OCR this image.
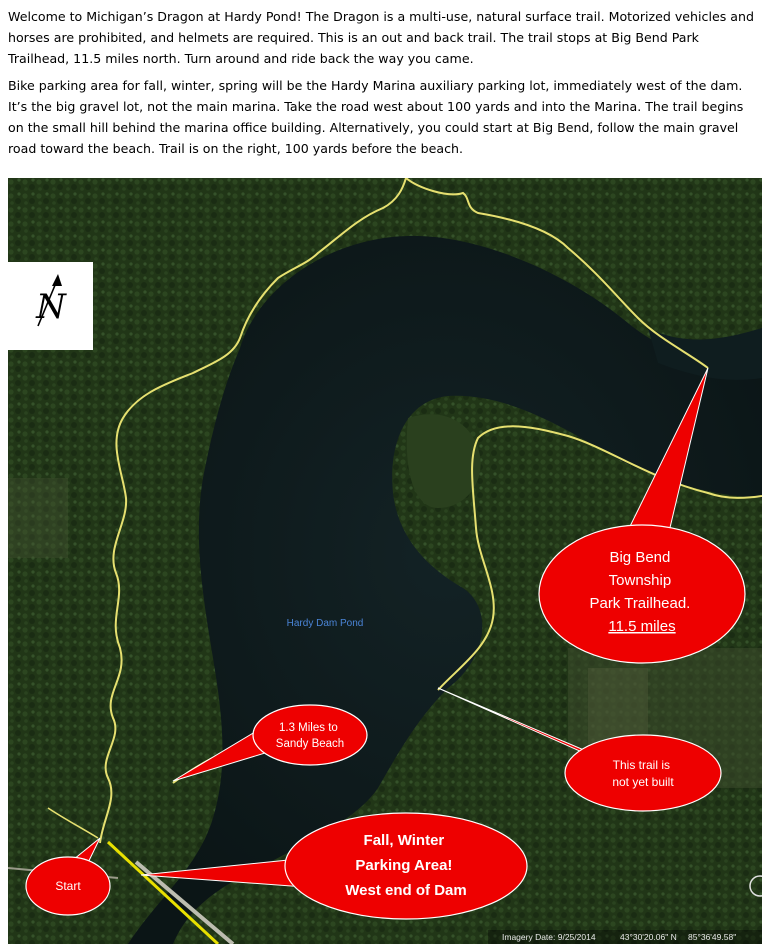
Welcome to Michigan’s Dragon at Hardy Pond! The Dragon is a multi-use, natural surface trail. Motorized vehicles and horses are prohibited, and helmets are required. This is an out and back trail. The trail stops at Big Bend Park Trailhead, 11.5 miles north. Turn around and ride back the way you came.

Bike parking area for fall, winter, spring will be the Hardy Marina auxiliary parking lot, immediately west of the dam. It’s the big gravel lot, not the main marina. Take the road west about 100 yards and into the Marina. The trail begins on the small hill behind the marina office building. Alternatively, you could start at Big Bend, follow the main gravel road toward the beach. Trail is on the right, 100 yards before the beach.

Hardy Dam Pond
N
Big Bend Township Park Trailhead. 11.5 miles
1.3 Miles to Sandy Beach
This trail is not yet built
Fall, Winter Parking Area! West end of Dam
Start
Imagery Date: 9/25/2014	43°30'20.06" N 85°36'49.58"
